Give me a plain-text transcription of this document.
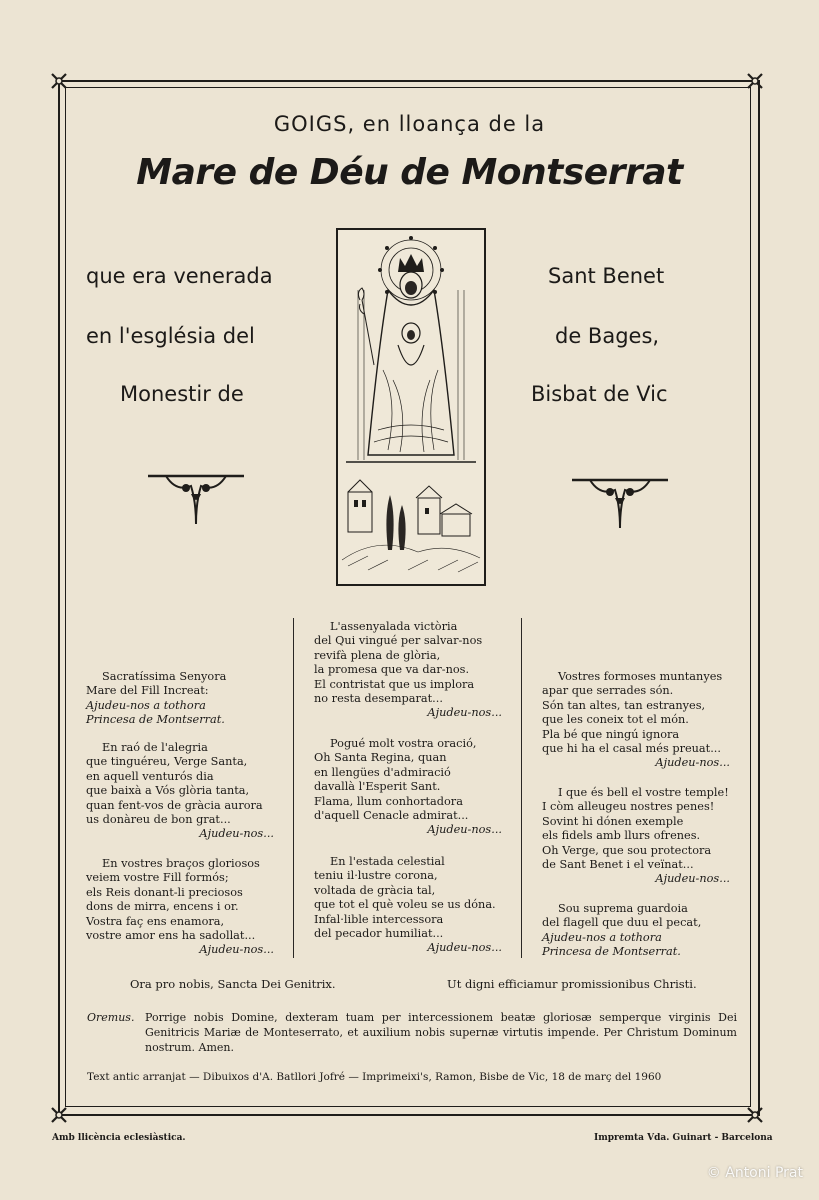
GOIGS, en lloança de la
Mare de Déu de Montserrat
que era venerada
en l'església del
Monestir de
Sant Benet
de Bages,
Bisbat de Vic
Sacratíssima Senyora
Mare del Fill Increat:
Ajudeu-nos a tothora
Princesa de Montserrat.
En raó de l'alegria
que tinguéreu, Verge Santa,
en aquell venturós dia
que baixà a Vós glòria tanta,
quan fent-vos de gràcia aurora
us donàreu de bon grat...
Ajudeu-nos...
En vostres braços gloriosos
veiem vostre Fill formós;
els Reis donant-li preciosos
dons de mirra, encens i or.
Vostra faç ens enamora,
vostre amor ens ha sadollat...
Ajudeu-nos...
L'assenyalada victòria
del Qui vingué per salvar-nos
revifà plena de glòria,
la promesa que va dar-nos.
El contristat que us implora
no resta desemparat...
Ajudeu-nos...
Pogué molt vostra oració,
Oh Santa Regina, quan
en llengües d'admiració
davallà l'Esperit Sant.
Flama, llum conhortadora
d'aquell Cenacle admirat...
Ajudeu-nos...
En l'estada celestial
teniu il·lustre corona,
voltada de gràcia tal,
que tot el què voleu se us dóna.
Infal·lible intercessora
del pecador humiliat...
Ajudeu-nos...
Vostres formoses muntanyes
apar que serrades són.
Són tan altes, tan estranyes,
que les coneix tot el món.
Pla bé que ningú ignora
que hi ha el casal més preuat...
Ajudeu-nos...
I que és bell el vostre temple!
I còm alleugeu nostres penes!
Sovint hi dónen exemple
els fidels amb llurs ofrenes.
Oh Verge, que sou protectora
de Sant Benet i el veïnat...
Ajudeu-nos...
Sou suprema guardoia
del flagell que duu el pecat,
Ajudeu-nos a tothora
Princesa de Montserrat.
Ora pro nobis, Sancta Dei Genitrix.	Ut digni efficiamur promissionibus Christi.
Oremus. Porrige nobis Domine, dexteram tuam per intercessionem beatæ gloriosæ semperque virginis Dei Genitricis Mariæ de Monteserrato, et auxilium nobis supernæ virtutis impende. Per Christum Dominum nostrum. Amen.
Text antic arranjat — Dibuixos d'A. Batllori Jofré — Imprimeixi's, Ramon, Bisbe de Vic, 18 de març del 1960
Amb llicència eclesiàstica.	Impremta Vda. Guinart - Barcelona
© Antoni Prat
